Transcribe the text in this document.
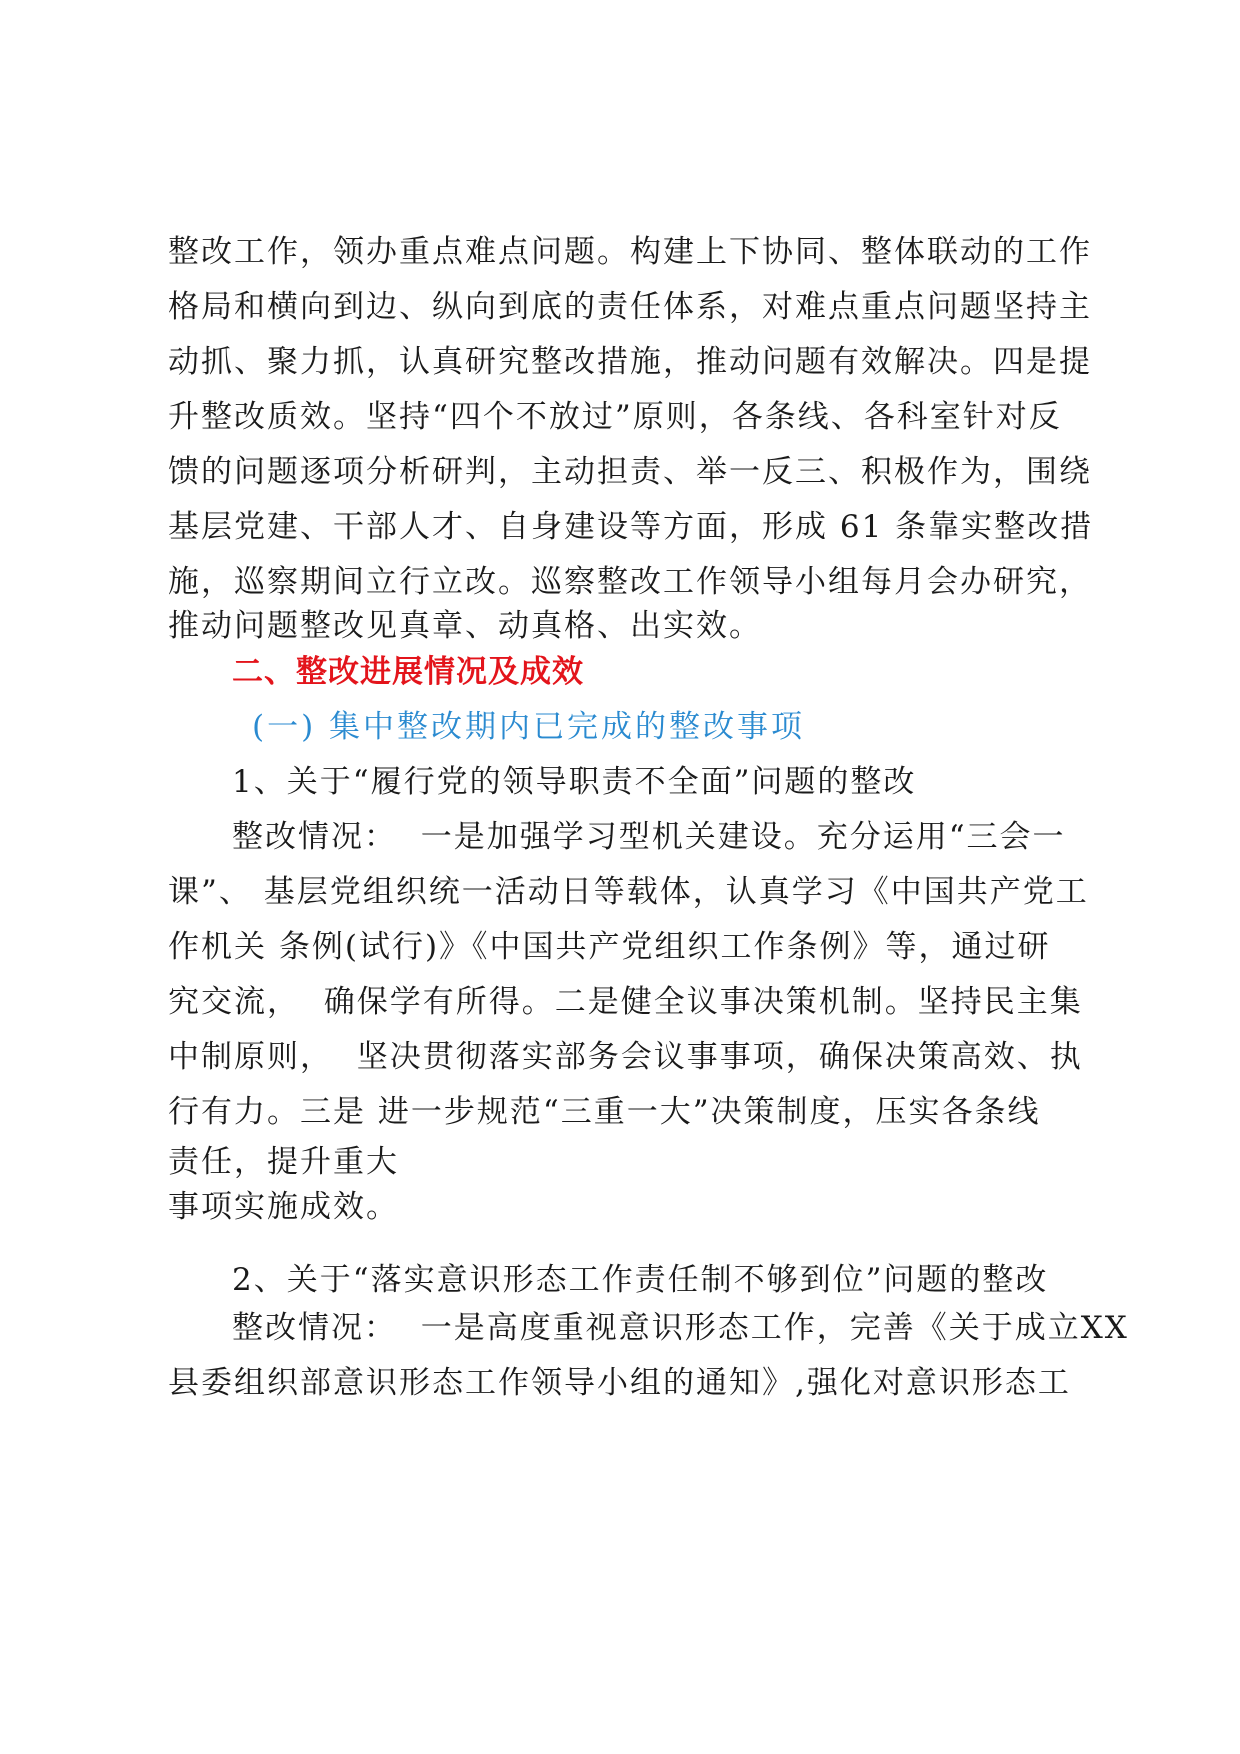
整改工作，领办重点难点问题。构建上下协同、整体联动的工作
格局和横向到边、纵向到底的责任体系，对难点重点问题坚持主
动抓、聚力抓，认真研究整改措施，推动问题有效解决。四是提
升整改质效。坚持“四个不放过”原则，各条线、各科室针对反
馈的问题逐项分析研判，主动担责、举一反三、积极作为，围绕
基层党建、干部人才、自身建设等方面，形成 61 条靠实整改措
施，巡察期间立行立改。巡察整改工作领导小组每月会办研究，
推动问题整改见真章、动真格、出实效。
二、整改进展情况及成效
(一) 集中整改期内已完成的整改事项
1、关于“履行党的领导职责不全面”问题的整改
整改情况：  一是加强学习型机关建设。充分运用“三会一
课”、 基层党组织统一活动日等载体，认真学习《中国共产党工
作机关 条例(试行)》《中国共产党组织工作条例》等，通过研
究交流，  确保学有所得。二是健全议事决策机制。坚持民主集
中制原则，  坚决贯彻落实部务会议事事项，确保决策高效、执
行有力。三是 进一步规范“三重一大”决策制度，压实各条线
责任，提升重大
事项实施成效。
2、关于“落实意识形态工作责任制不够到位”问题的整改
整改情况：  一是高度重视意识形态工作，完善《关于成立XX
县委组织部意识形态工作领导小组的通知》,强化对意识形态工
